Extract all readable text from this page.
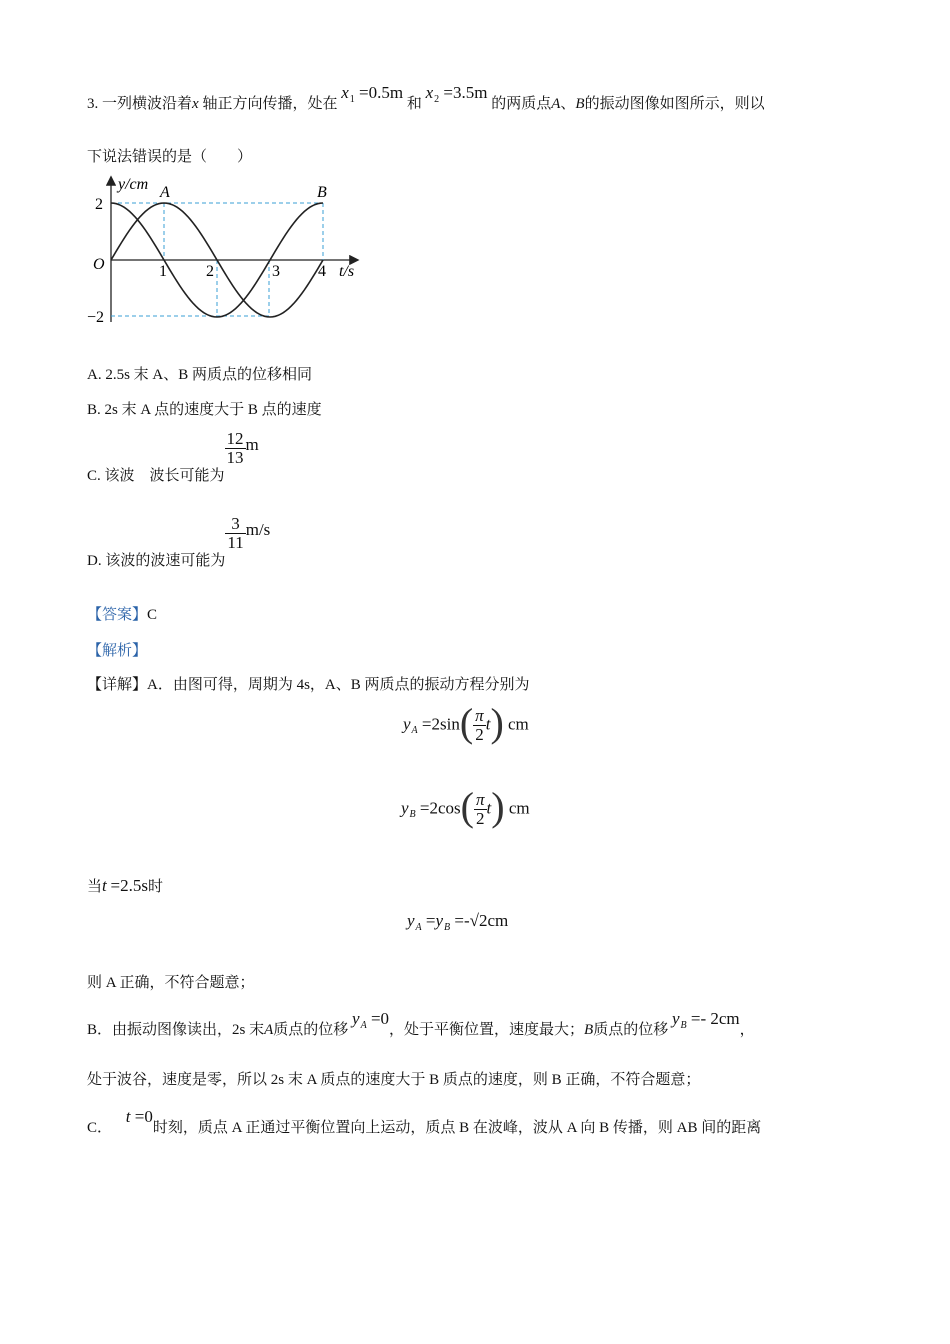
3. 一列横波沿着x 轴正方向传播，处在 $x_1 =0.5m$ 和 $x_2 =3.5m$ 的两质点A、B的振动图像如图所示，则以
下说法错误的是（　　）
y/cm A	B
2
−2
O	1 2	3 4 t/s
A. 2.5s 末 A、B 两质点的位移相同
B. 2s 末 A 点的速度大于 B 点的速度
C. 该波　波长可能为
$\frac{12}{13}$ m
D. 该波的波速可能为
$\frac{3}{11} m/s$
【答案】C
【解析】
【详解】A．由图可得，周期为 4s，A、B 两质点的振动方程分别为
$y_A =2\sin( \frac{\pi}{2} t)$ cm
$y_B =2\cos( \frac{\pi}{2} t)$ cm
当t =2.5s时
$y_A =y_B =-√2cm$
则 A 正确，不符合题意；
B．由振动图像读出，2s 末A质点的位移 $y_A =0$，处于平衡位置，速度最大；B质点的位移 $y_B =- 2cm$，
处于波谷，速度是零，所以 2s 末 A 质点的速度大于 B 质点的速度，则 B 正确，不符合题意；
C． t =0时刻，质点 A 正通过平衡位置向上运动，质点 B 在波峰，波从 A 向 B 传播，则 AB 间的距离
